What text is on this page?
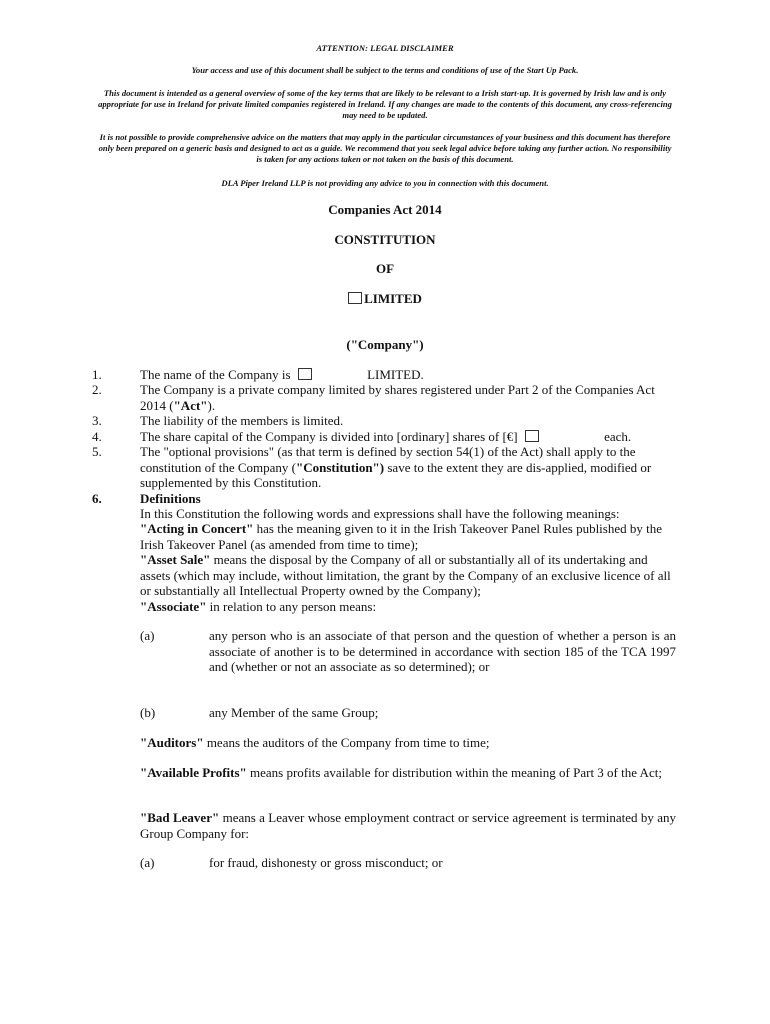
ATTENTION: LEGAL DISCLAIMER
Your access and use of this document shall be subject to the terms and conditions of use of the Start Up Pack.
This document is intended as a general overview of some of the key terms that are likely to be relevant to a Irish start-up. It is governed by Irish law and is only appropriate for use in Ireland for private limited companies registered in Ireland. If any changes are made to the contents of this document, any cross-referencing may need to be updated.
It is not possible to provide comprehensive advice on the matters that may apply in the particular circumstances of your business and this document has therefore only been prepared on a generic basis and designed to act as a guide. We recommend that you seek legal advice before taking any further action. No responsibility is taken for any actions taken or not taken on the basis of this document.
DLA Piper Ireland LLP is not providing any advice to you in connection with this document.
Companies Act 2014
CONSTITUTION
OF
LIMITED
("Company")
1.	The name of the Company is	LIMITED.
2.	The Company is a private company limited by shares registered under Part 2 of the Companies Act 2014 ("Act").
3.	The liability of the members is limited.
4.	The share capital of the Company is divided into [ordinary] shares of [€]	each.
5.	The "optional provisions" (as that term is defined by section 54(1) of the Act) shall apply to the constitution of the Company ("Constitution") save to the extent they are dis-applied, modified or supplemented by this Constitution.
6.	Definitions
In this Constitution the following words and expressions shall have the following meanings:
"Acting in Concert" has the meaning given to it in the Irish Takeover Panel Rules published by the Irish Takeover Panel (as amended from time to time);
"Asset Sale" means the disposal by the Company of all or substantially all of its undertaking and assets (which may include, without limitation, the grant by the Company of an exclusive licence of all or substantially all Intellectual Property owned by the Company);
"Associate" in relation to any person means:
(a)	any person who is an associate of that person and the question of whether a person is an associate of another is to be determined in accordance with section 185 of the TCA 1997 and (whether or not an associate as so determined); or
(b)	any Member of the same Group;
"Auditors" means the auditors of the Company from time to time;
"Available Profits" means profits available for distribution within the meaning of Part 3 of the Act;
"Bad Leaver" means a Leaver whose employment contract or service agreement is terminated by any Group Company for:
(a)	for fraud, dishonesty or gross misconduct; or
